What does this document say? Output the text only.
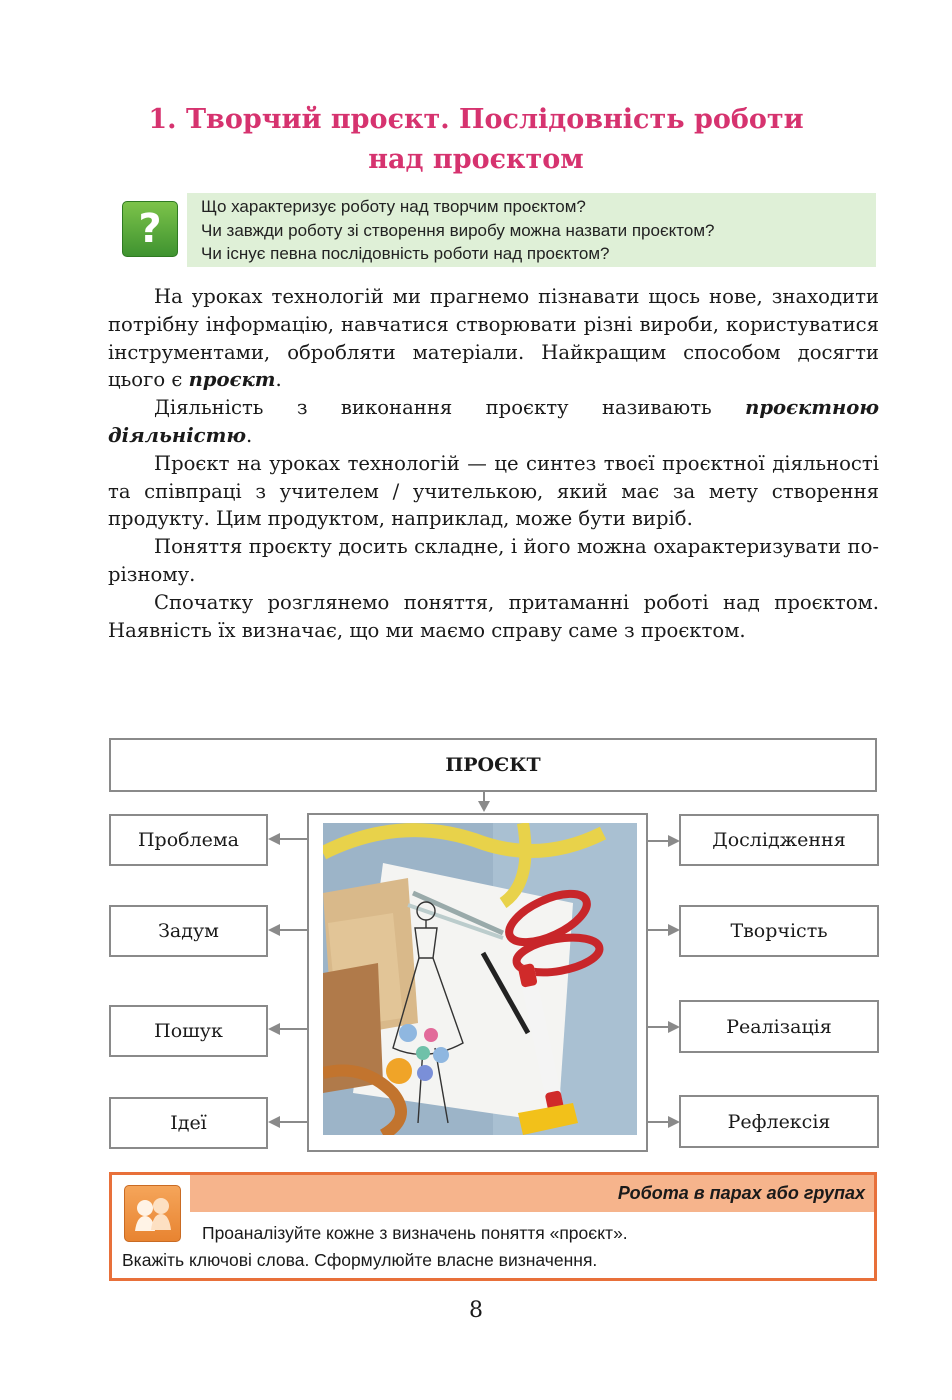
1. Творчий проєкт. Послідовність роботи
над проєктом
?	Що характеризує роботу над творчим проєктом?
Чи завжди роботу зі створення виробу можна назвати проєктом?
Чи існує певна послідовність роботи над проєктом?

На уроках технологій ми прагнемо пізнавати щось нове, знаходити потрібну інформацію, навчатися створювати різні вироби, користуватися інструментами, обробляти матеріали. Найкращим способом досягти цього є проєкт.

Діяльність з виконання проєкту називають проєктною діяльністю.

Проєкт на уроках технологій — це синтез твоєї проєктної діяльності та співпраці з учителем / учителькою, який має за мету створення продукту. Цим продуктом, наприклад, може бути виріб.

Поняття проєкту досить складне, і його можна охарактеризувати по-різному.

Спочатку розглянемо поняття, притаманні роботі над проєктом. Наявність їх визначає, що ми маємо справу саме з проєктом.

ПРОЄКТ
Проблема
Задум
Пошук
Ідеї
Дослідження
Творчість
Реалізація
Рефлексія
Робота в парах або групах
Проаналізуйте кожне з визначень поняття «проєкт».
Вкажіть ключові слова. Сформулюйте власне визначення.
8
